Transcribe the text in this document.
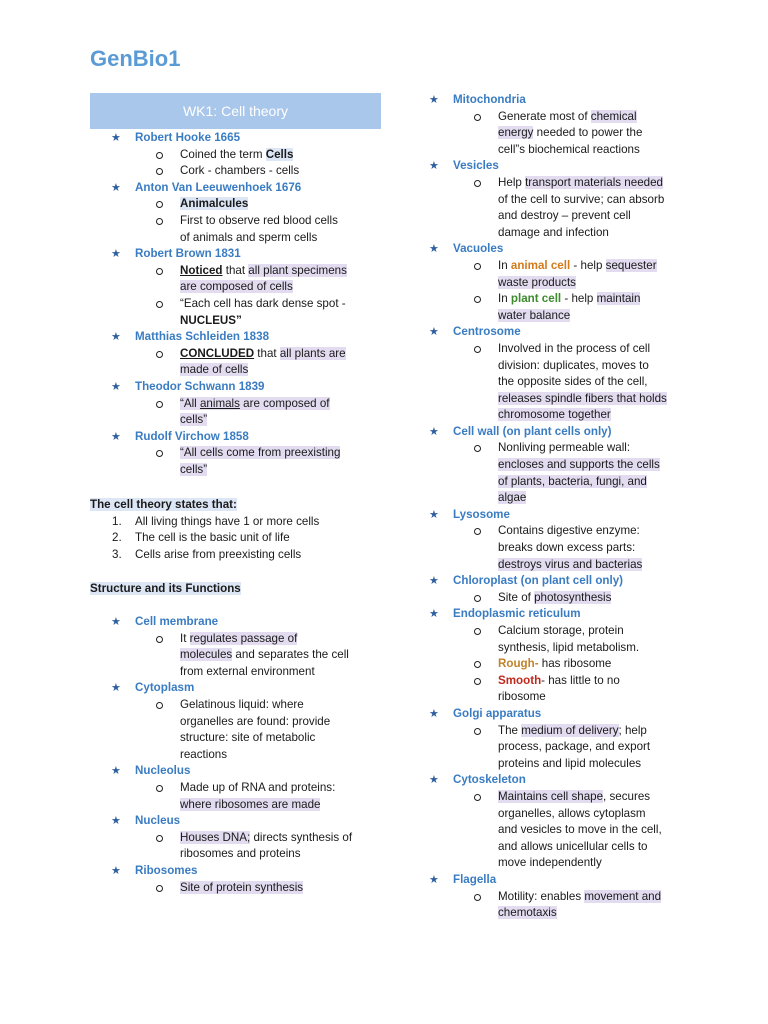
GenBio1
WK1: Cell theory
★ Robert Hooke 1665
Coined the term Cells
Cork - chambers - cells
★ Anton Van Leeuwenhoek 1676
Animalcules
First to observe red blood cells
of animals and sperm cells
★ Robert Brown 1831
Noticed that all plant specimens
are composed of cells
“Each cell has dark dense spot -
NUCLEUS”
★ Matthias Schleiden 1838
CONCLUDED that all plants are
made of cells
★ Theodor Schwann 1839
“All animals are composed of
cells”
★ Rudolf Virchow 1858
“All cells come from preexisting
cells”
The cell theory states that:
1. All living things have 1 or more cells
2. The cell is the basic unit of life
3. Cells arise from preexisting cells
Structure and its Functions
★ Cell membrane
It regulates passage of
molecules and separates the cell
from external environment
★ Cytoplasm
Gelatinous liquid: where
organelles are found: provide
structure: site of metabolic
reactions
★ Nucleolus
Made up of RNA and proteins:
where ribosomes are made
★ Nucleus
Houses DNA; directs synthesis of
ribosomes and proteins
★ Ribosomes
Site of protein synthesis
★ Mitochondria
Generate most of chemical
energy needed to power the
cell”s biochemical reactions
★ Vesicles
Help transport materials needed
of the cell to survive; can absorb
and destroy – prevent cell
damage and infection
★ Vacuoles
In animal cell - help sequester
waste products
In plant cell - help maintain
water balance
★ Centrosome
Involved in the process of cell
division: duplicates, moves to
the opposite sides of the cell,
releases spindle fibers that holds
chromosome together
★ Cell wall (on plant cells only)
Nonliving permeable wall:
encloses and supports the cells
of plants, bacteria, fungi, and
algae
★ Lysosome
Contains digestive enzyme:
breaks down excess parts:
destroys virus and bacterias
★ Chloroplast (on plant cell only)
Site of photosynthesis
★ Endoplasmic reticulum
Calcium storage, protein
synthesis, lipid metabolism.
Rough- has ribosome
Smooth- has little to no
ribosome
★ Golgi apparatus
The medium of delivery; help
process, package, and export
proteins and lipid molecules
★ Cytoskeleton
Maintains cell shape, secures
organelles, allows cytoplasm
and vesicles to move in the cell,
and allows unicellular cells to
move independently
★ Flagella
Motility: enables movement and
chemotaxis
